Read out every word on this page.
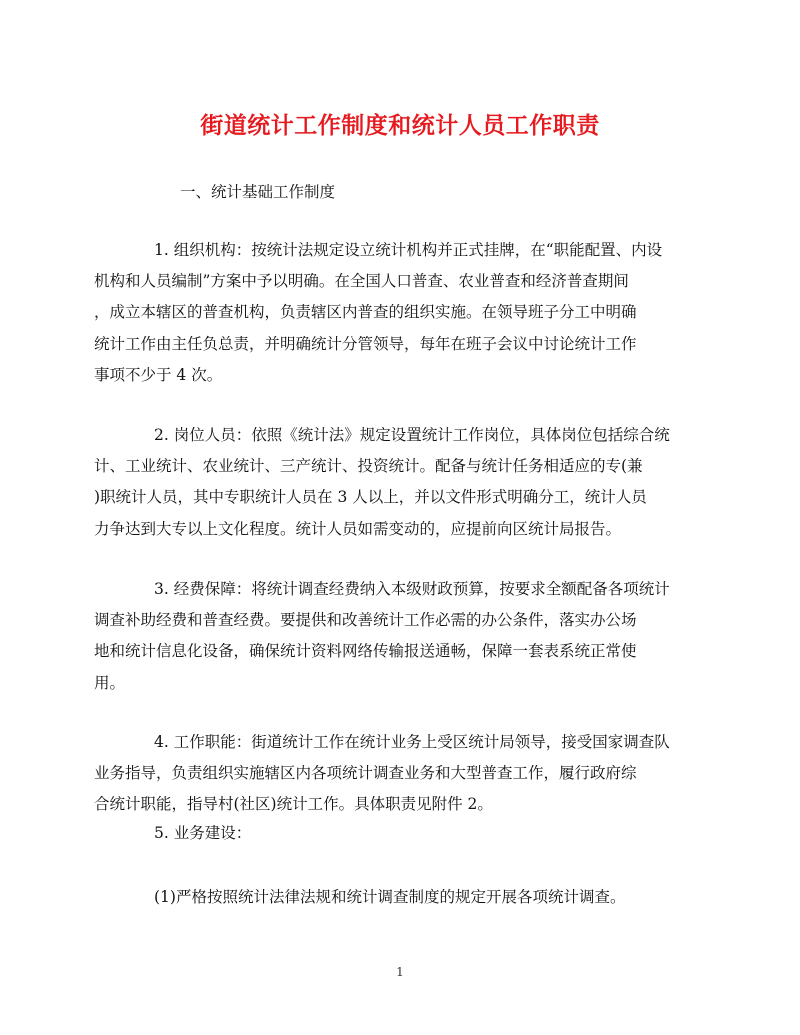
街道统计工作制度和统计人员工作职责
一、统计基础工作制度
1. 组织机构：按统计法规定设立统计机构并正式挂牌，在“职能配置、内设
机构和人员编制”方案中予以明确。在全国人口普查、农业普查和经济普查期间
，成立本辖区的普查机构，负责辖区内普查的组织实施。在领导班子分工中明确
统计工作由主任负总责，并明确统计分管领导，每年在班子会议中讨论统计工作
事项不少于 4 次。
2. 岗位人员：依照《统计法》规定设置统计工作岗位，具体岗位包括综合统
计、工业统计、农业统计、三产统计、投资统计。配备与统计任务相适应的专(兼
)职统计人员，其中专职统计人员在 3 人以上，并以文件形式明确分工，统计人员
力争达到大专以上文化程度。统计人员如需变动的，应提前向区统计局报告。
3. 经费保障：将统计调查经费纳入本级财政预算，按要求全额配备各项统计
调查补助经费和普查经费。要提供和改善统计工作必需的办公条件，落实办公场
地和统计信息化设备，确保统计资料网络传输报送通畅，保障一套表系统正常使
用。
4. 工作职能：街道统计工作在统计业务上受区统计局领导，接受国家调查队
业务指导，负责组织实施辖区内各项统计调查业务和大型普查工作，履行政府综
合统计职能，指导村(社区)统计工作。具体职责见附件 2。
5. 业务建设：
(1)严格按照统计法律法规和统计调查制度的规定开展各项统计调查。
1
